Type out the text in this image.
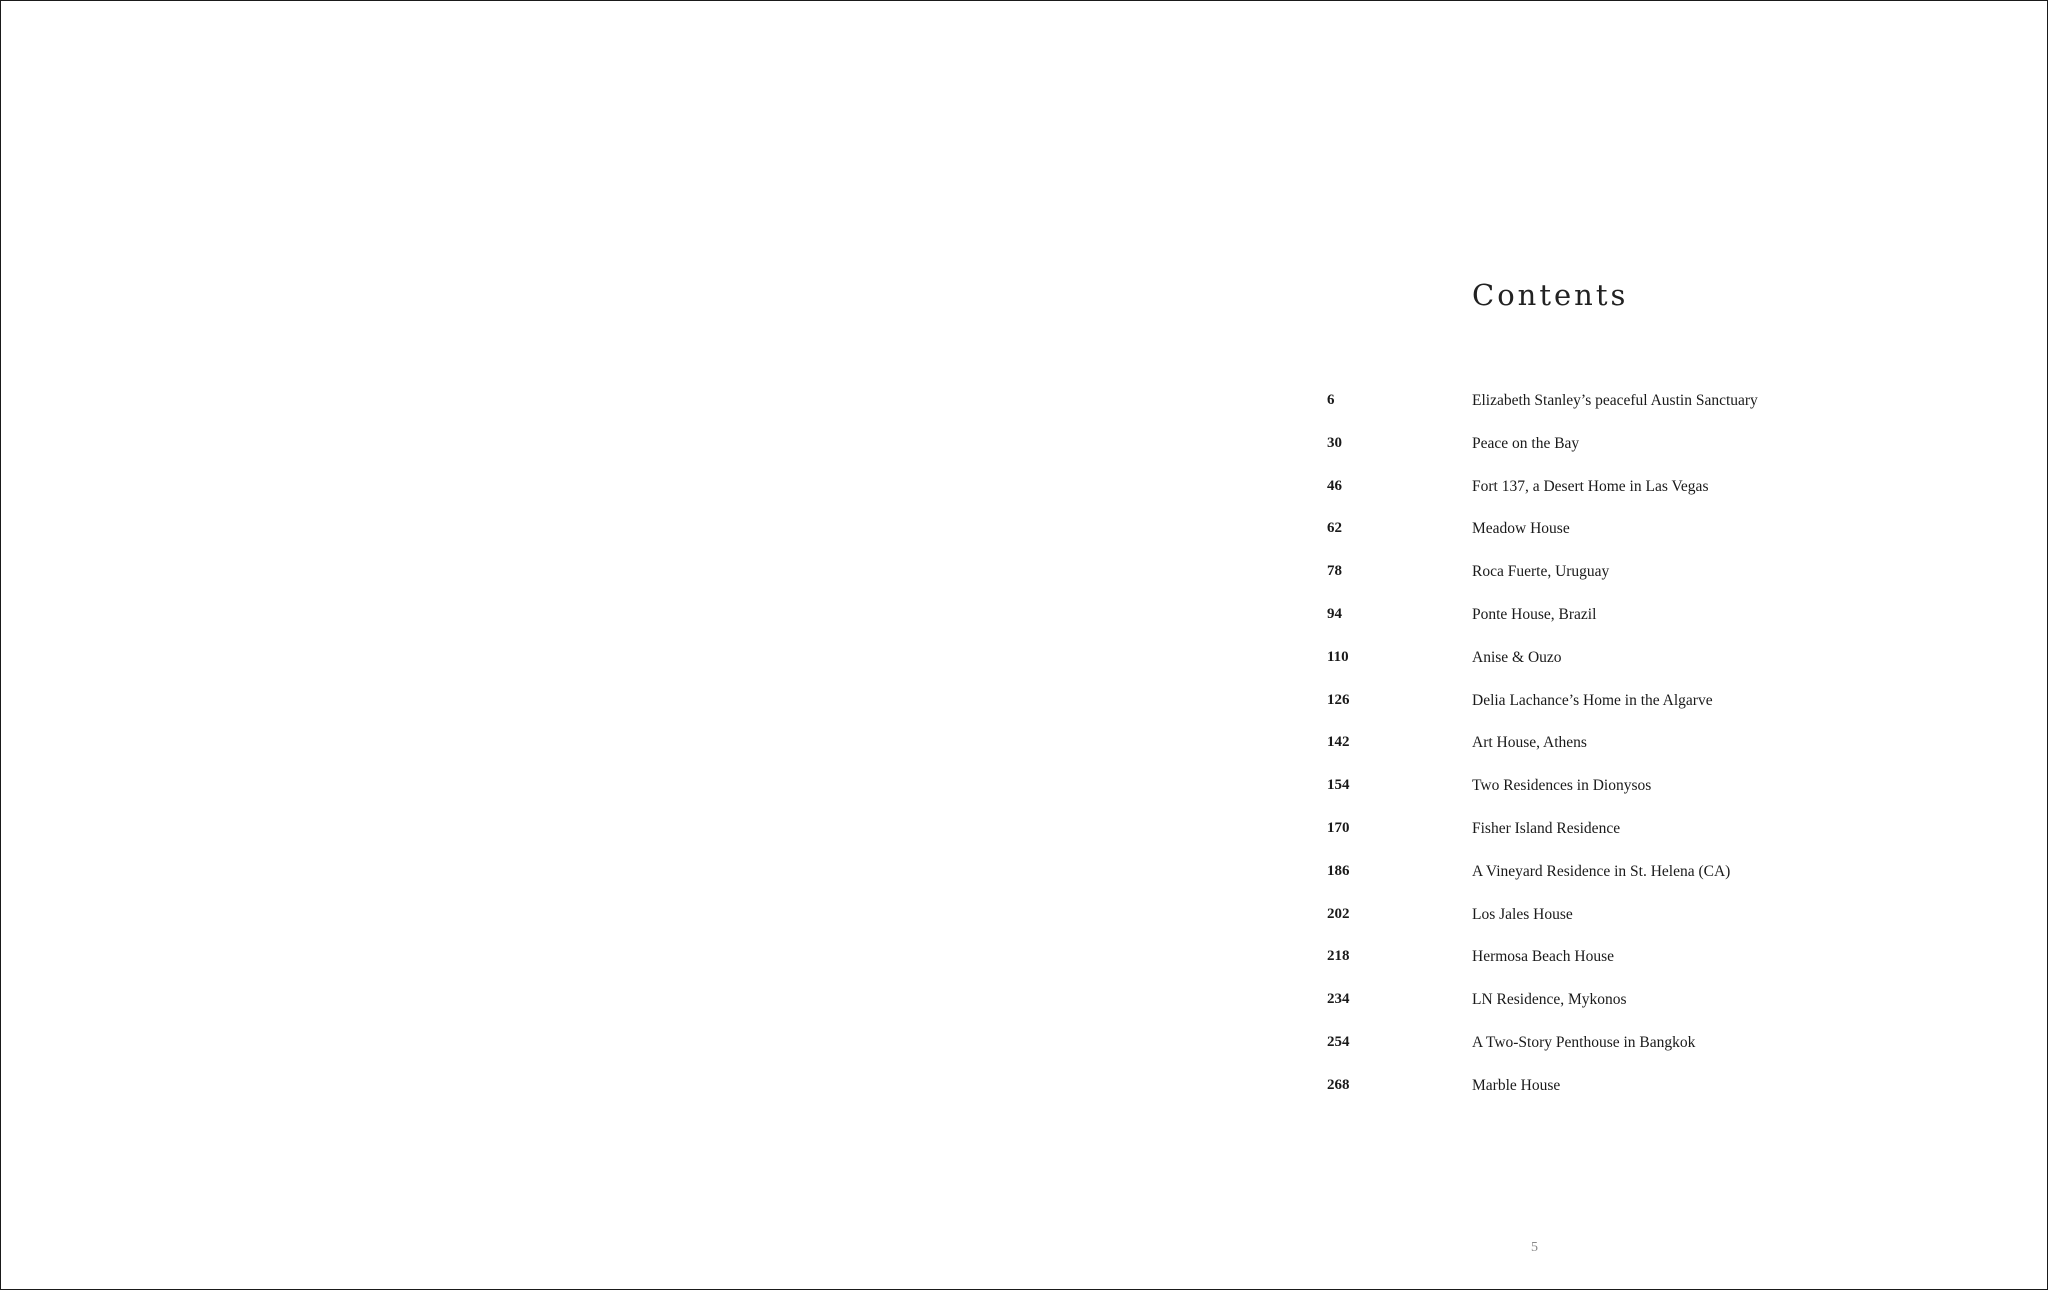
Contents
6	Elizabeth Stanley’s peaceful Austin Sanctuary
30	Peace on the Bay
46	Fort 137, a Desert Home in Las Vegas
62	Meadow House
78	Roca Fuerte, Uruguay
94	Ponte House, Brazil
110	Anise & Ouzo
126	Delia Lachance’s Home in the Algarve
142	Art House, Athens
154	Two Residences in Dionysos
170	Fisher Island Residence
186	A Vineyard Residence in St. Helena (CA)
202	Los Jales House
218	Hermosa Beach House
234	LN Residence, Mykonos
254	A Two-Story Penthouse in Bangkok
268	Marble House
5
